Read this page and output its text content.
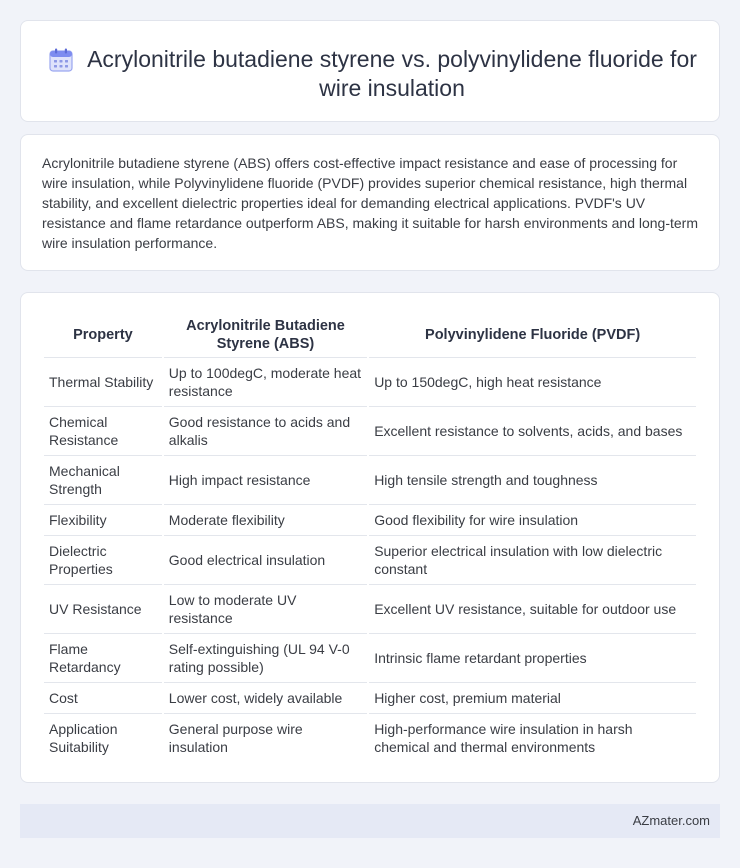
Acrylonitrile butadiene styrene vs. polyvinylidene fluoride for wire insulation

Acrylonitrile butadiene styrene (ABS) offers cost-effective impact resistance and ease of processing for wire insulation, while Polyvinylidene fluoride (PVDF) provides superior chemical resistance, high thermal stability, and excellent dielectric properties ideal for demanding electrical applications. PVDF's UV resistance and flame retardance outperform ABS, making it suitable for harsh environments and long-term wire insulation performance.

Property	Acrylonitrile Butadiene Styrene (ABS)	Polyvinylidene Fluoride (PVDF)
Thermal Stability	Up to 100degC, moderate heat resistance	Up to 150degC, high heat resistance
Chemical Resistance	Good resistance to acids and alkalis	Excellent resistance to solvents, acids, and bases
Mechanical Strength	High impact resistance	High tensile strength and toughness
Flexibility	Moderate flexibility	Good flexibility for wire insulation
Dielectric Properties	Good electrical insulation	Superior electrical insulation with low dielectric constant
UV Resistance	Low to moderate UV resistance	Excellent UV resistance, suitable for outdoor use
Flame Retardancy	Self-extinguishing (UL 94 V-0 rating possible)	Intrinsic flame retardant properties
Cost	Lower cost, widely available	Higher cost, premium material
Application Suitability	General purpose wire insulation	High-performance wire insulation in harsh chemical and thermal environments
AZmater.com
